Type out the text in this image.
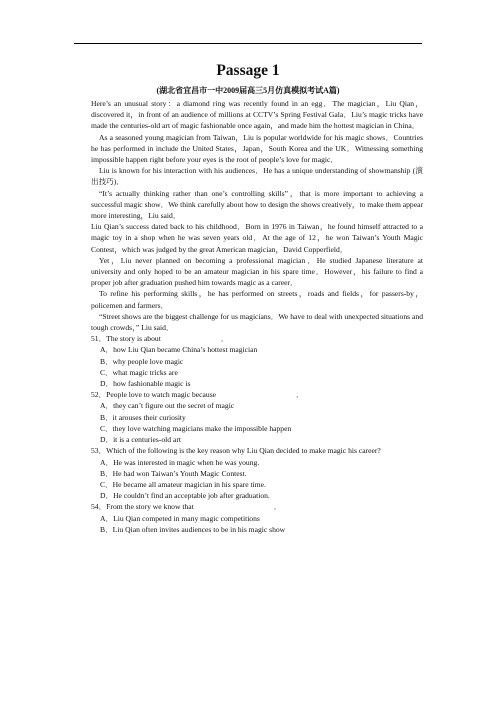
Passage 1
(湖北省宜昌市一中2009届高三5月仿真模拟考试A篇)

Here’s an unusual story：a diamond ring was recently found in an egg．The magician，Liu Qian，discovered it，in front of an audience of millions at CCTV’s Spring Festival Gala．Liu’s magic tricks have made the centuries-old art of magic fashionable once again，and made him the hottest magician in China．

As a seasoned young magician from Taiwan，Liu is popular worldwide for his magic shows．Countries he has performed in include the United States，Japan，South Korea and the UK．Witnessing something impossible happen right before your eyes is the root of people’s love for magic．

Liu is known for his interaction with his audiences．He has a unique understanding of showmanship (演出技巧)．

“It’s actually thinking rather than one’s controlling skills”，that is more important to achieving a successful magic show．We think carefully about how to design the shows creatively，to make them appear more interesting，Liu said．

Liu Qian’s success dated back to his childhood．Born in 1976 in Taiwan，he found himself attracted to a magic toy in a shop when he was seven years old．At the age of 12，he won Taiwan’s Youth Magic Contest，which was judged by the great American magician，David Copperfield．

Yet，Liu never planned on becoming a professional magician．He studied Japanese literature at university and only hoped to be an amateur magician in his spare time．However，his failure to find a proper job after graduation pushed him towards magic as a career．

To refine his performing skills，he has performed on streets，roads and fields，for passers-by，policemen and farmers．

“Street shows are the biggest challenge for us magicians．We have to deal with unexpected situations and tough crowds，” Liu said．

51．The story is about	．

A．how Liu Qian became China’s hottest magician

B．why people love magic

C．what magic tricks are

D．how fashionable magic is

52．People love to watch magic because	．

A．they can’t figure out the secret of magic

B．it arouses their curiosity

C．they love watching magicians make the impossible happen

D．it is a centuries-old art

53．Which of the following is the key reason why Liu Qian decided to make magic his career?

A．He was interested in magic when he was young.

B．He had won Taiwan’s Youth Magic Contest.

C．He became all amateur magician in his spare time.

D．He couldn’t find an acceptable job after graduation.

54．From the story we know that	．

A．Liu Qian competed in many magic competitions

B．Liu Qian often invites audiences to be in his magic show
